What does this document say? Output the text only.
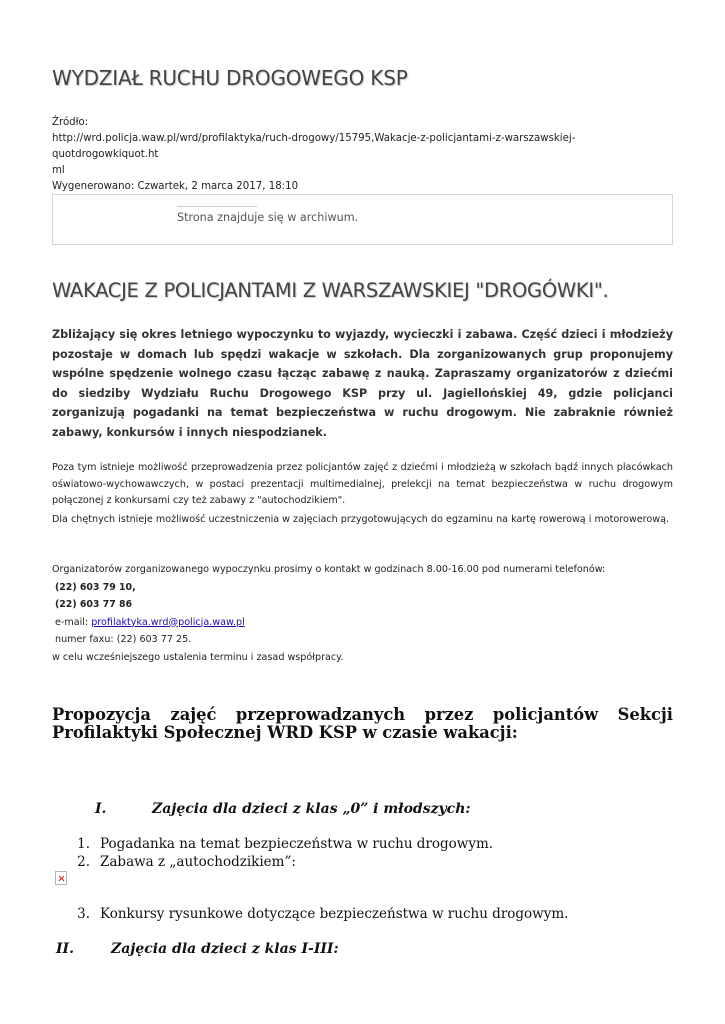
WYDZIAŁ RUCHU DROGOWEGO KSP
Źródło:
http://wrd.policja.waw.pl/wrd/profilaktyka/ruch-drogowy/15795,Wakacje-z-policjantami-z-warszawskiej-quotdrogowkiquot.ht
ml
Wygenerowano: Czwartek, 2 marca 2017, 18:10
Strona znajduje się w archiwum.
WAKACJE Z POLICJANTAMI Z WARSZAWSKIEJ "DROGÓWKI".

Zbliżający się okres letniego wypoczynku to wyjazdy, wycieczki i zabawa. Część dzieci i młodzieży pozostaje w domach lub spędzi wakacje w szkołach. Dla zorganizowanych grup proponujemy wspólne spędzenie wolnego czasu łącząc zabawę z nauką. Zapraszamy organizatorów z dziećmi do siedziby Wydziału Ruchu Drogowego KSP przy ul. Jagiellońskiej 49, gdzie policjanci zorganizują pogadanki na temat bezpieczeństwa w ruchu drogowym. Nie zabraknie również zabawy, konkursów i innych niespodzianek.

Poza tym istnieje możliwość przeprowadzenia przez policjantów zajęć z dziećmi i młodzieżą w szkołach bądź innych placówkach oświatowo-wychowawczych, w postaci prezentacji multimedialnej, prelekcji na temat bezpieczeństwa w ruchu drogowym połączonej z konkursami czy też zabawy z "autochodzikiem".

Dla chętnych istnieje możliwość uczestniczenia w zajęciach przygotowujących do egzaminu na kartę rowerową i motorowerową.

Organizatorów zorganizowanego wypoczynku prosimy o kontakt w godzinach 8.00-16.00 pod numerami telefonów:
(22) 603 79 10,
(22) 603 77 86
e-mail: profilaktyka.wrd@policja.waw.pl
numer faxu: (22) 603 77 25.
w celu wcześniejszego ustalenia terminu i zasad współpracy.
Propozycja zajęć przeprowadzanych przez policjantów Sekcji
Profilaktyki Społecznej WRD KSP w czasie wakacji:
I.	Zajęcia dla dzieci z klas „0” i młodszych:
1. Pogadanka na temat bezpieczeństwa w ruchu drogowym.
2. Zabawa z „autochodzikiem”:
3. Konkursy rysunkowe dotyczące bezpieczeństwa w ruchu drogowym.
II.	Zajęcia dla dzieci z klas I-III:
